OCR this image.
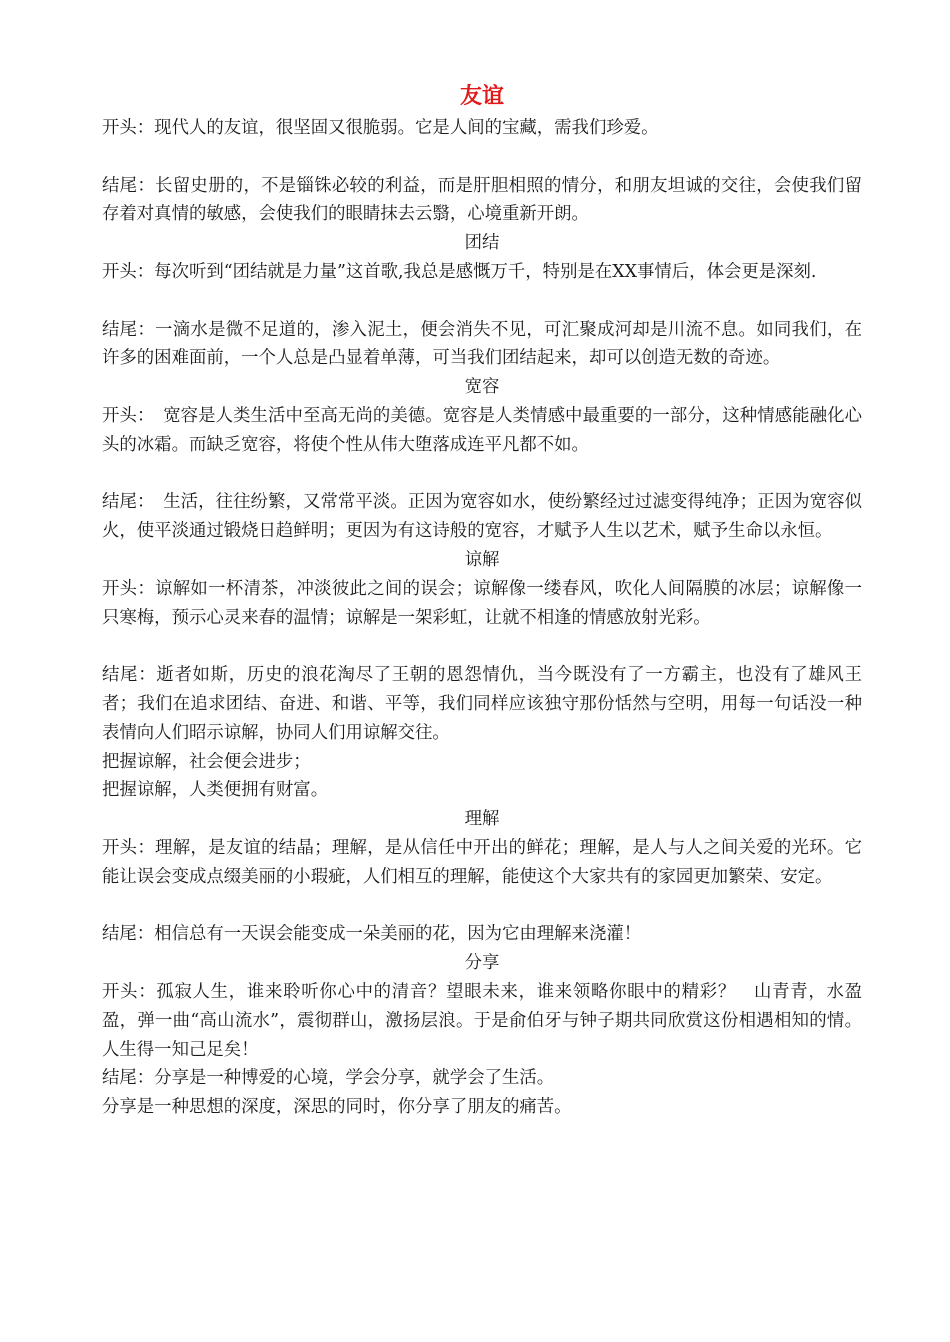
友谊

开头：现代人的友谊，很坚固又很脆弱。它是人间的宝藏，需我们珍爱。

结尾：长留史册的，不是锱铢必较的利益，而是肝胆相照的情分，和朋友坦诚的交往，会使我们留存着对真情的敏感，会使我们的眼睛抹去云翳，心境重新开朗。

团结

开头：每次听到“团结就是力量”这首歌,我总是感慨万千，特别是在XX事情后，体会更是深刻.

结尾：一滴水是微不足道的，渗入泥土，便会消失不见，可汇聚成河却是川流不息。如同我们，在许多的困难面前，一个人总是凸显着单薄，可当我们团结起来，却可以创造无数的奇迹。

宽容

开头：　宽容是人类生活中至高无尚的美德。宽容是人类情感中最重要的一部分，这种情感能融化心头的冰霜。而缺乏宽容，将使个性从伟大堕落成连平凡都不如。

结尾：　生活，往往纷繁，又常常平淡。正因为宽容如水，使纷繁经过过滤变得纯净；正因为宽容似火，使平淡通过锻烧日趋鲜明；更因为有这诗般的宽容，才赋予人生以艺术，赋予生命以永恒。

谅解

开头：谅解如一杯清茶，冲淡彼此之间的误会；谅解像一缕春风，吹化人间隔膜的冰层；谅解像一只寒梅，预示心灵来春的温情；谅解是一架彩虹，让就不相逢的情感放射光彩。

结尾：逝者如斯，历史的浪花淘尽了王朝的恩怨情仇，当今既没有了一方霸主，也没有了雄风王者；我们在追求团结、奋进、和谐、平等，我们同样应该独守那份恬然与空明，用每一句话没一种表情向人们昭示谅解，协同人们用谅解交往。

把握谅解，社会便会进步；

把握谅解，人类便拥有财富。

理解

开头：理解，是友谊的结晶；理解，是从信任中开出的鲜花；理解，是人与人之间关爱的光环。它能让误会变成点缀美丽的小瑕疵，人们相互的理解，能使这个大家共有的家园更加繁荣、安定。

结尾：相信总有一天误会能变成一朵美丽的花，因为它由理解来浇灌！

分享

开头：孤寂人生，谁来聆听你心中的清音？望眼未来，谁来领略你眼中的精彩？　山青青，水盈盈，弹一曲“高山流水”，震彻群山，激扬层浪。于是俞伯牙与钟子期共同欣赏这份相遇相知的情。人生得一知己足矣！

结尾：分享是一种博爱的心境，学会分享，就学会了生活。

分享是一种思想的深度，深思的同时，你分享了朋友的痛苦。
